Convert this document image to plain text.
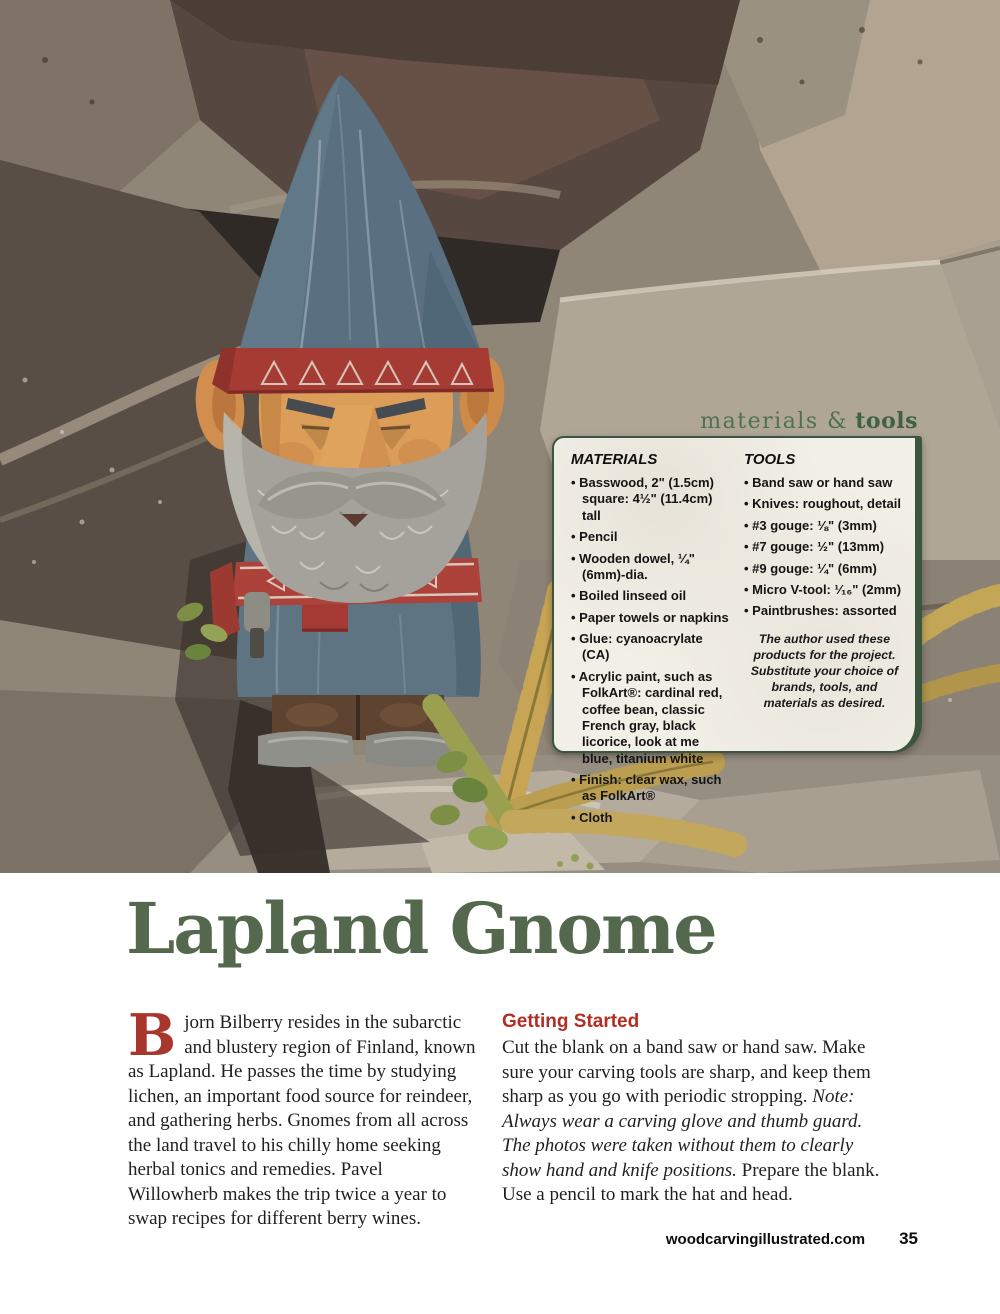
materials & tools
MATERIALS
• Basswood, 2" (1.5cm) square: 4½" (11.4cm) tall
• Pencil
• Wooden dowel, ¼" (6mm)-dia.
• Boiled linseed oil
• Paper towels or napkins
• Glue: cyanoacrylate (CA)
• Acrylic paint, such as FolkArt®: cardinal red, coffee bean, classic French gray, black licorice, look at me blue, titanium white
• Finish: clear wax, such as FolkArt®
• Cloth
TOOLS
• Band saw or hand saw
• Knives: roughout, detail
• #3 gouge: ⅛" (3mm)
• #7 gouge: ½" (13mm)
• #9 gouge: ¼" (6mm)
• Micro V-tool: ¹⁄₁₆" (2mm)
• Paintbrushes: assorted

The author used these products for the project. Substitute your choice of brands, tools, and materials as desired.

Lapland Gnome

Bjorn Bilberry resides in the subarctic and blustery region of Finland, known as Lapland. He passes the time by studying lichen, an important food source for reindeer, and gathering herbs. Gnomes from all across the land travel to his chilly home seeking herbal tonics and remedies. Pavel Willowherb makes the trip twice a year to swap recipes for different berry wines.

Getting Started

Cut the blank on a band saw or hand saw. Make sure your carving tools are sharp, and keep them sharp as you go with periodic stropping. Note: Always wear a carving glove and thumb guard. The photos were taken without them to clearly show hand and knife positions. Prepare the blank. Use a pencil to mark the hat and head.

woodcarvingillustrated.com 35
